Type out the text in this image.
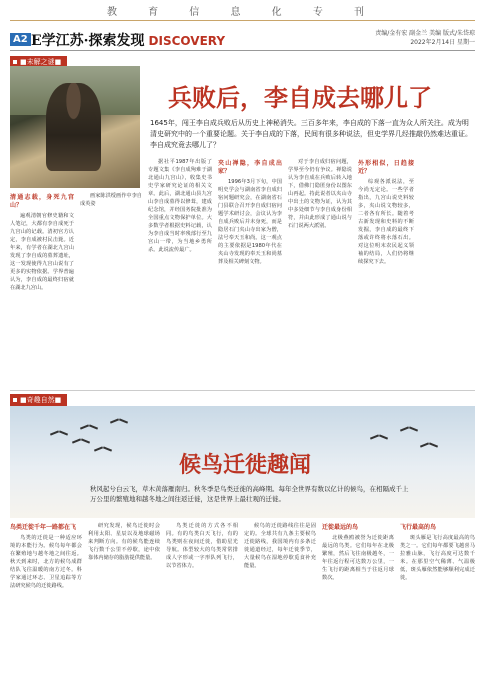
教 育 信 息 化 专 刊
A2 E学江苏·探索发现 DISCOVERY
责编/金有宏 副金兰 美编 版式/朱岱琼
2022年2月14日 星期一
■未解之谜■
兵败后，李自成去哪儿了
1645年，闯王李自成兵败后从历史上神秘消失。三百多年来，李自成的下落一直为众人所关注。成为明清史研究中的一个重要论题。关于李自成的下落，民间有很多种说法，但史学界几经推敲仍然难达重证。李自成究竟去哪儿了？
清通志载，身死九宫山？

遍观清朝官修史籍和文人笔记，大都有李自成死于九宫山的记载。清初官方认定，李自成被村民击毙。近年来，有学者在湖北九宫山发现了李自成的墓葬遗址，这一发现使得九宫山说有了更多的实物依据。学界普遍认为，李自成的最终归宿就在湖北九宫山。

画家陈洪绶画作中李自成英姿

据社平1987年出版了专题文集《李自成殉难于湖北通山九宫山》，收集史书史学家研究论证的相关文章。此后，湖北通山县九宫山李自成墓得以修葺，建成纪念馆，并经国务院批准为全国重点文物保护单位。大多数学者根据史料记载，认为李自成当时率残部行至九宫山一带，为当地乡勇所杀。此说流传最广。

夹山禅隐，李自成出家？

1996年3月下旬，中国明史学会与湖南省李自成归宿问题研究会，在湖南省石门县联合召开李自成归宿问题学术研讨会，会议认为李自成兵败后并未身死，而是隐居石门夹山寺出家为僧，法号奉天玉和尚。这一观点的主要依据是1980年代在夹山寺发现的奉天玉和尚墓葬及相关碑刻文物。

对于李自成归宿问题，学界至今仍有争议。禅隐说认为李自成在兵败后转入地下，借佛门隐匿身份以图东山再起。持此说者以夹山寺中出土的文物为证，认为其中多处细节与李自成身份相符，并由此形成了通山说与石门说两大派别。

外形相似，日趋接近？

综观各派说法，至今尚无定论。一些学者指出，九宫山说史料较多，夹山说文物较多，二者各有所长。随着考古新发现和史料的不断发掘，李自成的最终下落或许终将水落石出。对这位明末农民起义领袖的结局，人们仍将继续探究下去。

■奇趣自然■
候鸟迁徙趣闻
秋风起兮白云飞，草木黄落雁南归。秋冬季是鸟类迁徙的高峰期。每年全世界有数以亿计的候鸟，在相隔成千上万公里的繁殖地和越冬地之间往返迁徙，这是世界上最壮观的迁徙。
鸟类迁徙千年一路都在飞

鸟类的迁徙是一种适应环境的本能行为。候鸟每年都会在繁殖地与越冬地之间往返。秋天到来时，北方的候鸟成群结队飞往温暖的南方过冬。科学家通过环志、卫星追踪等方法研究候鸟的迁徙路线。

研究发现，候鸟迁徙时会利用太阳、星辰以及地球磁场来判断方向。有的候鸟能连续飞行数千公里不停歇，途中依靠体内储存的脂肪提供能量。

鸟类迁徙的方式各不相同。有的鸟类白天飞行，有的鸟类则在夜间迁徙，借助星光导航。体型较大的鸟类常常排成人字形或一字形队列飞行，以节省体力。

候鸟的迁徙路线往往是固定的。全球共有九条主要候鸟迁徙路线，我国境内有多条迁徙通道经过，每年迁徙季节，大量候鸟在湿地停歇觅食补充能量。

迁徙最远的鸟

北极燕鸥被誉为迁徙距离最远的鸟类。它们每年在北极繁殖，然后飞往南极越冬，一年往返行程可达数万公里，一生飞行的距离相当于往返月球数次。

飞行最高的鸟

斑头雁是飞行高度最高的鸟类之一。它们每年都要飞越喜马拉雅山脉，飞行高度可达数千米。在那里空气稀薄、气温极低，斑头雁依然能够顺利完成迁徙。
